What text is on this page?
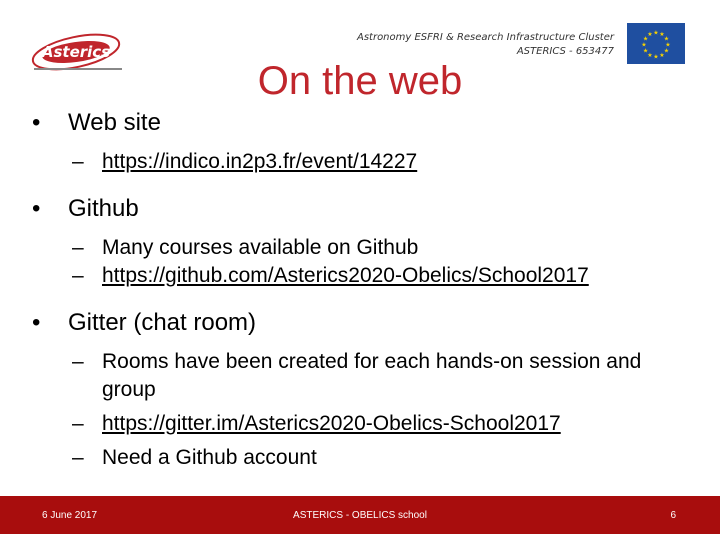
Asterics
Astronomy ESFRI & Research Infrastructure Cluster
ASTERICS - 653477
★
★
★
★
★
★
★
★
★ ★ ★
★
On the web
• Web site
– https://indico.in2p3.fr/event/14227
• Github
– Many courses available on Github
– https://github.com/Asterics2020-Obelics/School2017
• Gitter (chat room)
– Rooms have been created for each hands-on session and group
– https://gitter.im/Asterics2020-Obelics-School2017
– Need a Github account
6 June 2017	ASTERICS - OBELICS school	6
